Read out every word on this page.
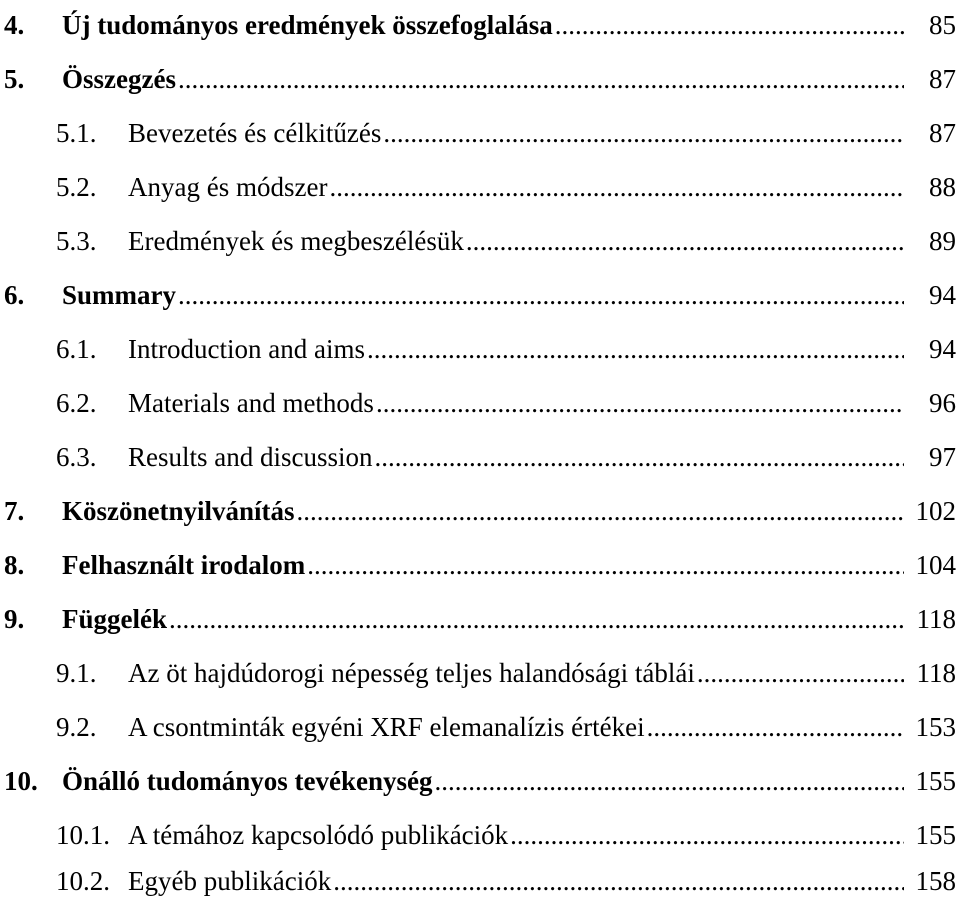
4.	Új tudományos eredmények összefoglalása .....	85
5.	Összegzés .....	87
5.1.	Bevezetés és célkitűzés .....	87
5.2.	Anyag és módszer .....	88
5.3.	Eredmények és megbeszélésük .....	89
6.	Summary .....	94
6.1.	Introduction and aims .....	94
6.2.	Materials and methods .....	96
6.3.	Results and discussion .....	97
7.	Köszönetnyilvánítás .....	102
8.	Felhasznált irodalom .....	104
9.	Függelék .....	118
9.1.	Az öt hajdúdorogi népesség teljes halandósági táblái .....	118
9.2.	A csontminták egyéni XRF elemanalízis értékei .....	153
10. Önálló tudományos tevékenység .....	155
10.1. A témához kapcsolódó publikációk .....	155
10.2. Egyéb publikációk .....	158
